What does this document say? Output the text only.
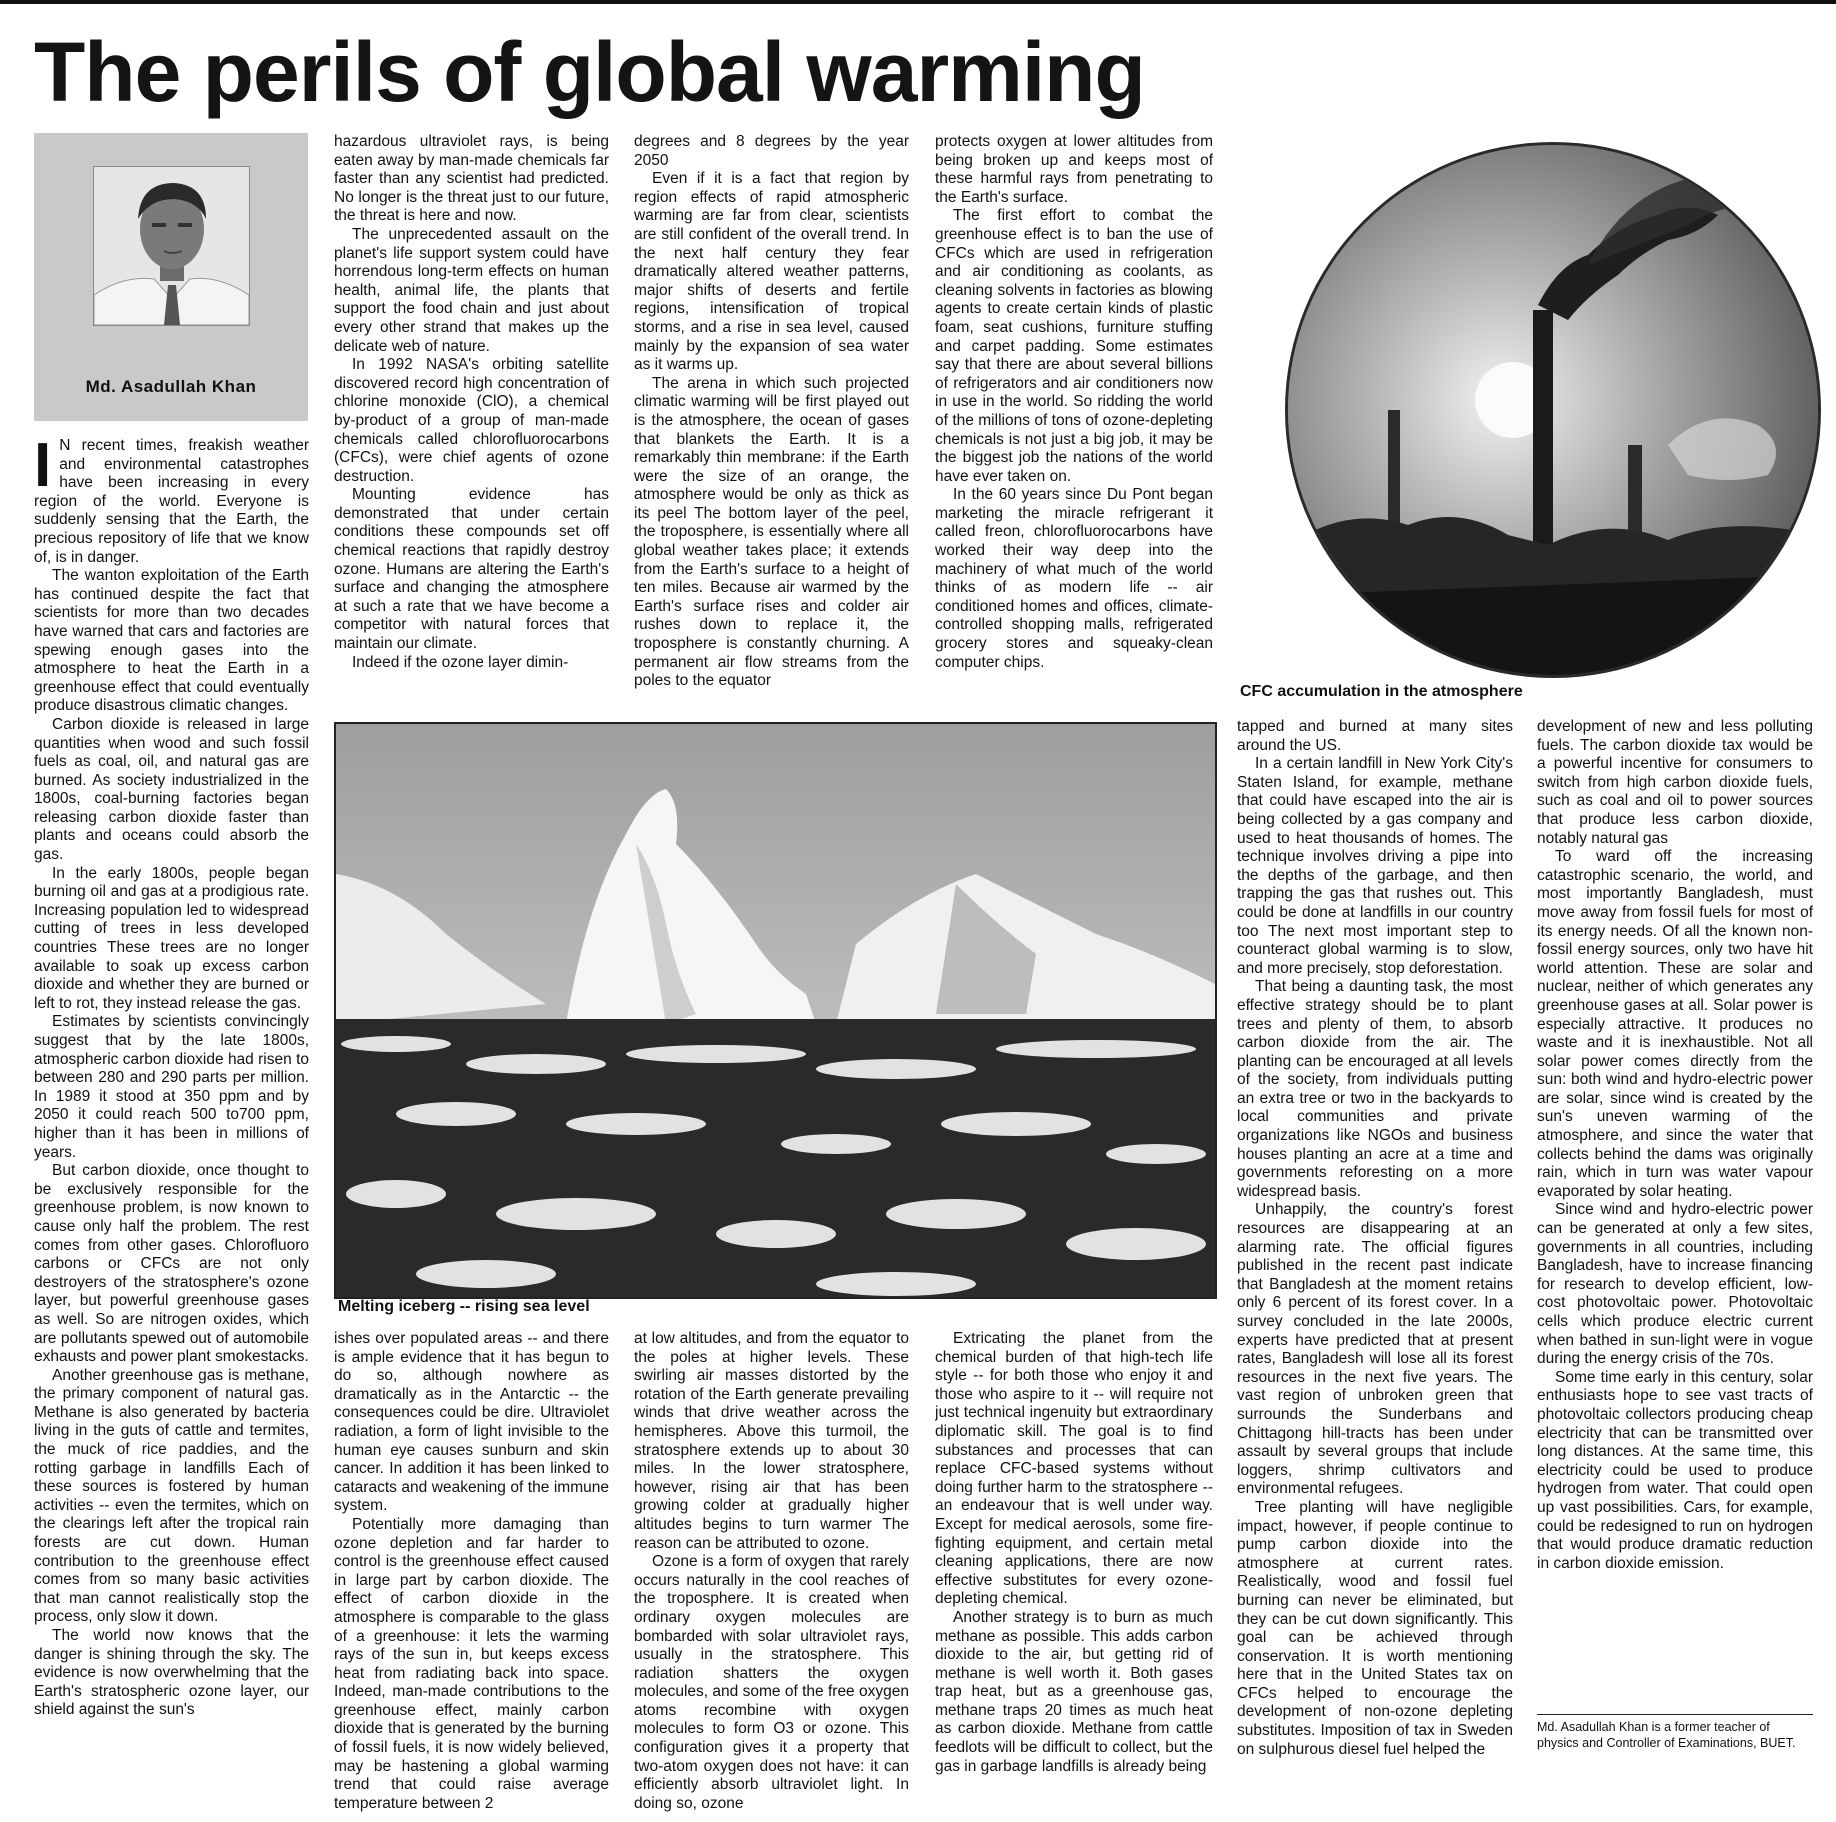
The perils of global warming
Md. Asadullah Khan

I N recent times, freakish weather and environmental catastrophes have been increasing in every region of the world. Everyone is suddenly sensing that the Earth, the precious repository of life that we know of, is in danger.

The wanton exploitation of the Earth has continued despite the fact that scientists for more than two decades have warned that cars and factories are spewing enough gases into the atmosphere to heat the Earth in a greenhouse effect that could eventually produce disastrous climatic changes.

Carbon dioxide is released in large quantities when wood and such fossil fuels as coal, oil, and natural gas are burned. As society industrialized in the 1800s, coal-burning factories began releasing carbon dioxide faster than plants and oceans could absorb the gas.

In the early 1800s, people began burning oil and gas at a prodigious rate. Increasing population led to widespread cutting of trees in less developed countries These trees are no longer available to soak up excess carbon dioxide and whether they are burned or left to rot, they instead release the gas.

Estimates by scientists convincingly suggest that by the late 1800s, atmospheric carbon dioxide had risen to between 280 and 290 parts per million. In 1989 it stood at 350 ppm and by 2050 it could reach 500 to700 ppm, higher than it has been in millions of years.

But carbon dioxide, once thought to be exclusively responsible for the greenhouse problem, is now known to cause only half the problem. The rest comes from other gases. Chlorofluoro carbons or CFCs are not only destroyers of the stratosphere's ozone layer, but powerful greenhouse gases as well. So are nitrogen oxides, which are pollutants spewed out of automobile exhausts and power plant smokestacks.

Another greenhouse gas is methane, the primary component of natural gas. Methane is also generated by bacteria living in the guts of cattle and termites, the muck of rice paddies, and the rotting garbage in landfills Each of these sources is fostered by human activities -- even the termites, which on the clearings left after the tropical rain forests are cut down. Human contribution to the greenhouse effect comes from so many basic activities that man cannot realistically stop the process, only slow it down.

The world now knows that the danger is shining through the sky. The evidence is now overwhelming that the Earth's stratospheric ozone layer, our shield against the sun's

hazardous ultraviolet rays, is being eaten away by man-made chemicals far faster than any scientist had predicted. No longer is the threat just to our future, the threat is here and now.

The unprecedented assault on the planet's life support system could have horrendous long-term effects on human health, animal life, the plants that support the food chain and just about every other strand that makes up the delicate web of nature.

In 1992 NASA's orbiting satellite discovered record high concentration of chlorine monoxide (ClO), a chemical by-product of a group of man-made chemicals called chlorofluorocarbons (CFCs), were chief agents of ozone destruction.

Mounting evidence has demonstrated that under certain conditions these compounds set off chemical reactions that rapidly destroy ozone. Humans are altering the Earth's surface and changing the atmosphere at such a rate that we have become a competitor with natural forces that maintain our climate.

Indeed if the ozone layer dimin-

degrees and 8 degrees by the year 2050

Even if it is a fact that region by region effects of rapid atmospheric warming are far from clear, scientists are still confident of the overall trend. In the next half century they fear dramatically altered weather patterns, major shifts of deserts and fertile regions, intensification of tropical storms, and a rise in sea level, caused mainly by the expansion of sea water as it warms up.

The arena in which such projected climatic warming will be first played out is the atmosphere, the ocean of gases that blankets the Earth. It is a remarkably thin membrane: if the Earth were the size of an orange, the atmosphere would be only as thick as its peel The bottom layer of the peel, the troposphere, is essentially where all global weather takes place; it extends from the Earth's surface to a height of ten miles. Because air warmed by the Earth's surface rises and colder air rushes down to replace it, the troposphere is constantly churning. A permanent air flow streams from the poles to the equator

protects oxygen at lower altitudes from being broken up and keeps most of these harmful rays from penetrating to the Earth's surface.

The first effort to combat the greenhouse effect is to ban the use of CFCs which are used in refrigeration and air conditioning as coolants, as cleaning solvents in factories as blowing agents to create certain kinds of plastic foam, seat cushions, furniture stuffing and carpet padding. Some estimates say that there are about several billions of refrigerators and air conditioners now in use in the world. So ridding the world of the millions of tons of ozone-depleting chemicals is not just a big job, it may be the biggest job the nations of the world have ever taken on.

In the 60 years since Du Pont began marketing the miracle refrigerant it called freon, chlorofluorocarbons have worked their way deep into the machinery of what much of the world thinks of as modern life -- air conditioned homes and offices, climate-controlled shopping malls, refrigerated grocery stores and squeaky-clean computer chips.

CFC accumulation in the atmosphere
Melting iceberg -- rising sea level

ishes over populated areas -- and there is ample evidence that it has begun to do so, although nowhere as dramatically as in the Antarctic -- the consequences could be dire. Ultraviolet radiation, a form of light invisible to the human eye causes sunburn and skin cancer. In addition it has been linked to cataracts and weakening of the immune system.

Potentially more damaging than ozone depletion and far harder to control is the greenhouse effect caused in large part by carbon dioxide. The effect of carbon dioxide in the atmosphere is comparable to the glass of a greenhouse: it lets the warming rays of the sun in, but keeps excess heat from radiating back into space. Indeed, man-made contributions to the greenhouse effect, mainly carbon dioxide that is generated by the burning of fossil fuels, it is now widely believed, may be hastening a global warming trend that could raise average temperature between 2

at low altitudes, and from the equator to the poles at higher levels. These swirling air masses distorted by the rotation of the Earth generate prevailing winds that drive weather across the hemispheres. Above this turmoil, the stratosphere extends up to about 30 miles. In the lower stratosphere, however, rising air that has been growing colder at gradually higher altitudes begins to turn warmer The reason can be attributed to ozone.

Ozone is a form of oxygen that rarely occurs naturally in the cool reaches of the troposphere. It is created when ordinary oxygen molecules are bombarded with solar ultraviolet rays, usually in the stratosphere. This radiation shatters the oxygen molecules, and some of the free oxygen atoms recombine with oxygen molecules to form O3 or ozone. This configuration gives it a property that two-atom oxygen does not have: it can efficiently absorb ultraviolet light. In doing so, ozone

Extricating the planet from the chemical burden of that high-tech life style -- for both those who enjoy it and those who aspire to it -- will require not just technical ingenuity but extraordinary diplomatic skill. The goal is to find substances and processes that can replace CFC-based systems without doing further harm to the stratosphere -- an endeavour that is well under way. Except for medical aerosols, some fire-fighting equipment, and certain metal cleaning applications, there are now effective substitutes for every ozone-depleting chemical.

Another strategy is to burn as much methane as possible. This adds carbon dioxide to the air, but getting rid of methane is well worth it. Both gases trap heat, but as a greenhouse gas, methane traps 20 times as much heat as carbon dioxide. Methane from cattle feedlots will be difficult to collect, but the gas in garbage landfills is already being

tapped and burned at many sites around the US.

In a certain landfill in New York City's Staten Island, for example, methane that could have escaped into the air is being collected by a gas company and used to heat thousands of homes. The technique involves driving a pipe into the depths of the garbage, and then trapping the gas that rushes out. This could be done at landfills in our country too The next most important step to counteract global warming is to slow, and more precisely, stop deforestation.

That being a daunting task, the most effective strategy should be to plant trees and plenty of them, to absorb carbon dioxide from the air. The planting can be encouraged at all levels of the society, from individuals putting an extra tree or two in the backyards to local communities and private organizations like NGOs and business houses planting an acre at a time and governments reforesting on a more widespread basis.

Unhappily, the country's forest resources are disappearing at an alarming rate. The official figures published in the recent past indicate that Bangladesh at the moment retains only 6 percent of its forest cover. In a survey concluded in the late 2000s, experts have predicted that at present rates, Bangladesh will lose all its forest resources in the next five years. The vast region of unbroken green that surrounds the Sunderbans and Chittagong hill-tracts has been under assault by several groups that include loggers, shrimp cultivators and environmental refugees.

Tree planting will have negligible impact, however, if people continue to pump carbon dioxide into the atmosphere at current rates. Realistically, wood and fossil fuel burning can never be eliminated, but they can be cut down significantly. This goal can be achieved through conservation. It is worth mentioning here that in the United States tax on CFCs helped to encourage the development of non-ozone depleting substitutes. Imposition of tax in Sweden on sulphurous diesel fuel helped the

development of new and less polluting fuels. The carbon dioxide tax would be a powerful incentive for consumers to switch from high carbon dioxide fuels, such as coal and oil to power sources that produce less carbon dioxide, notably natural gas

To ward off the increasing catastrophic scenario, the world, and most importantly Bangladesh, must move away from fossil fuels for most of its energy needs. Of all the known non-fossil energy sources, only two have hit world attention. These are solar and nuclear, neither of which generates any greenhouse gases at all. Solar power is especially attractive. It produces no waste and it is inexhaustible. Not all solar power comes directly from the sun: both wind and hydro-electric power are solar, since wind is created by the sun's uneven warming of the atmosphere, and since the water that collects behind the dams was originally rain, which in turn was water vapour evaporated by solar heating.

Since wind and hydro-electric power can be generated at only a few sites, governments in all countries, including Bangladesh, have to increase financing for research to develop efficient, low-cost photovoltaic power. Photovoltaic cells which produce electric current when bathed in sun-light were in vogue during the energy crisis of the 70s.

Some time early in this century, solar enthusiasts hope to see vast tracts of photovoltaic collectors producing cheap electricity that can be transmitted over long distances. At the same time, this electricity could be used to produce hydrogen from water. That could open up vast possibilities. Cars, for example, could be redesigned to run on hydrogen that would produce dramatic reduction in carbon dioxide emission.

Md. Asadullah Khan is a former teacher of physics and Controller of Examinations, BUET.
